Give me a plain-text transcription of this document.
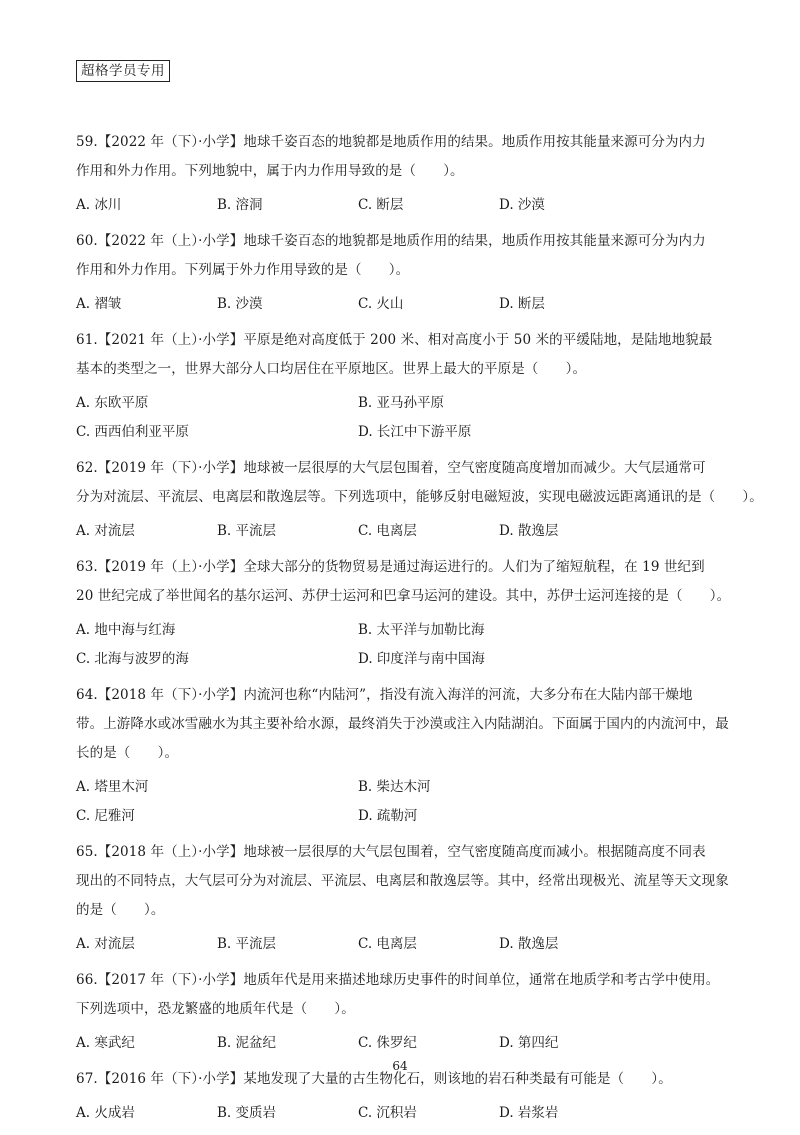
超格学员专用
59.【2022 年（下）·小学】地球千姿百态的地貌都是地质作用的结果。地质作用按其能量来源可分为内力
作用和外力作用。下列地貌中，属于内力作用导致的是（　　）。
A. 冰川	B. 溶洞	C. 断层	D. 沙漠
60.【2022 年（上）·小学】地球千姿百态的地貌都是地质作用的结果，地质作用按其能量来源可分为内力
作用和外力作用。下列属于外力作用导致的是（　　）。
A. 褶皱	B. 沙漠	C. 火山	D. 断层
61.【2021 年（上）·小学】平原是绝对高度低于 200 米、相对高度小于 50 米的平缓陆地，是陆地地貌最
基本的类型之一，世界大部分人口均居住在平原地区。世界上最大的平原是（　　）。
A. 东欧平原	B. 亚马孙平原
C. 西西伯利亚平原	D. 长江中下游平原
62.【2019 年（下）·小学】地球被一层很厚的大气层包围着，空气密度随高度增加而减少。大气层通常可
分为对流层、平流层、电离层和散逸层等。下列选项中，能够反射电磁短波，实现电磁波远距离通讯的是（　　）。
A. 对流层	B. 平流层	C. 电离层	D. 散逸层
63.【2019 年（上）·小学】全球大部分的货物贸易是通过海运进行的。人们为了缩短航程，在 19 世纪到
20 世纪完成了举世闻名的基尔运河、苏伊士运河和巴拿马运河的建设。其中，苏伊士运河连接的是（　　）。
A. 地中海与红海	B. 太平洋与加勒比海
C. 北海与波罗的海	D. 印度洋与南中国海
64.【2018 年（下）·小学】内流河也称“内陆河”，指没有流入海洋的河流，大多分布在大陆内部干燥地
带。上游降水或冰雪融水为其主要补给水源，最终消失于沙漠或注入内陆湖泊。下面属于国内的内流河中，最
长的是（　　）。
A. 塔里木河	B. 柴达木河
C. 尼雅河	D. 疏勒河
65.【2018 年（上）·小学】地球被一层很厚的大气层包围着，空气密度随高度而减小。根据随高度不同表
现出的不同特点，大气层可分为对流层、平流层、电离层和散逸层等。其中，经常出现极光、流星等天文现象
的是（　　）。
A. 对流层	B. 平流层	C. 电离层	D. 散逸层
66.【2017 年（下）·小学】地质年代是用来描述地球历史事件的时间单位，通常在地质学和考古学中使用。
下列选项中，恐龙繁盛的地质年代是（　　）。
A. 寒武纪	B. 泥盆纪	C. 侏罗纪	D. 第四纪
67.【2016 年（下）·小学】某地发现了大量的古生物化石，则该地的岩石种类最有可能是（　　）。
A. 火成岩	B. 变质岩	C. 沉积岩	D. 岩浆岩
64
